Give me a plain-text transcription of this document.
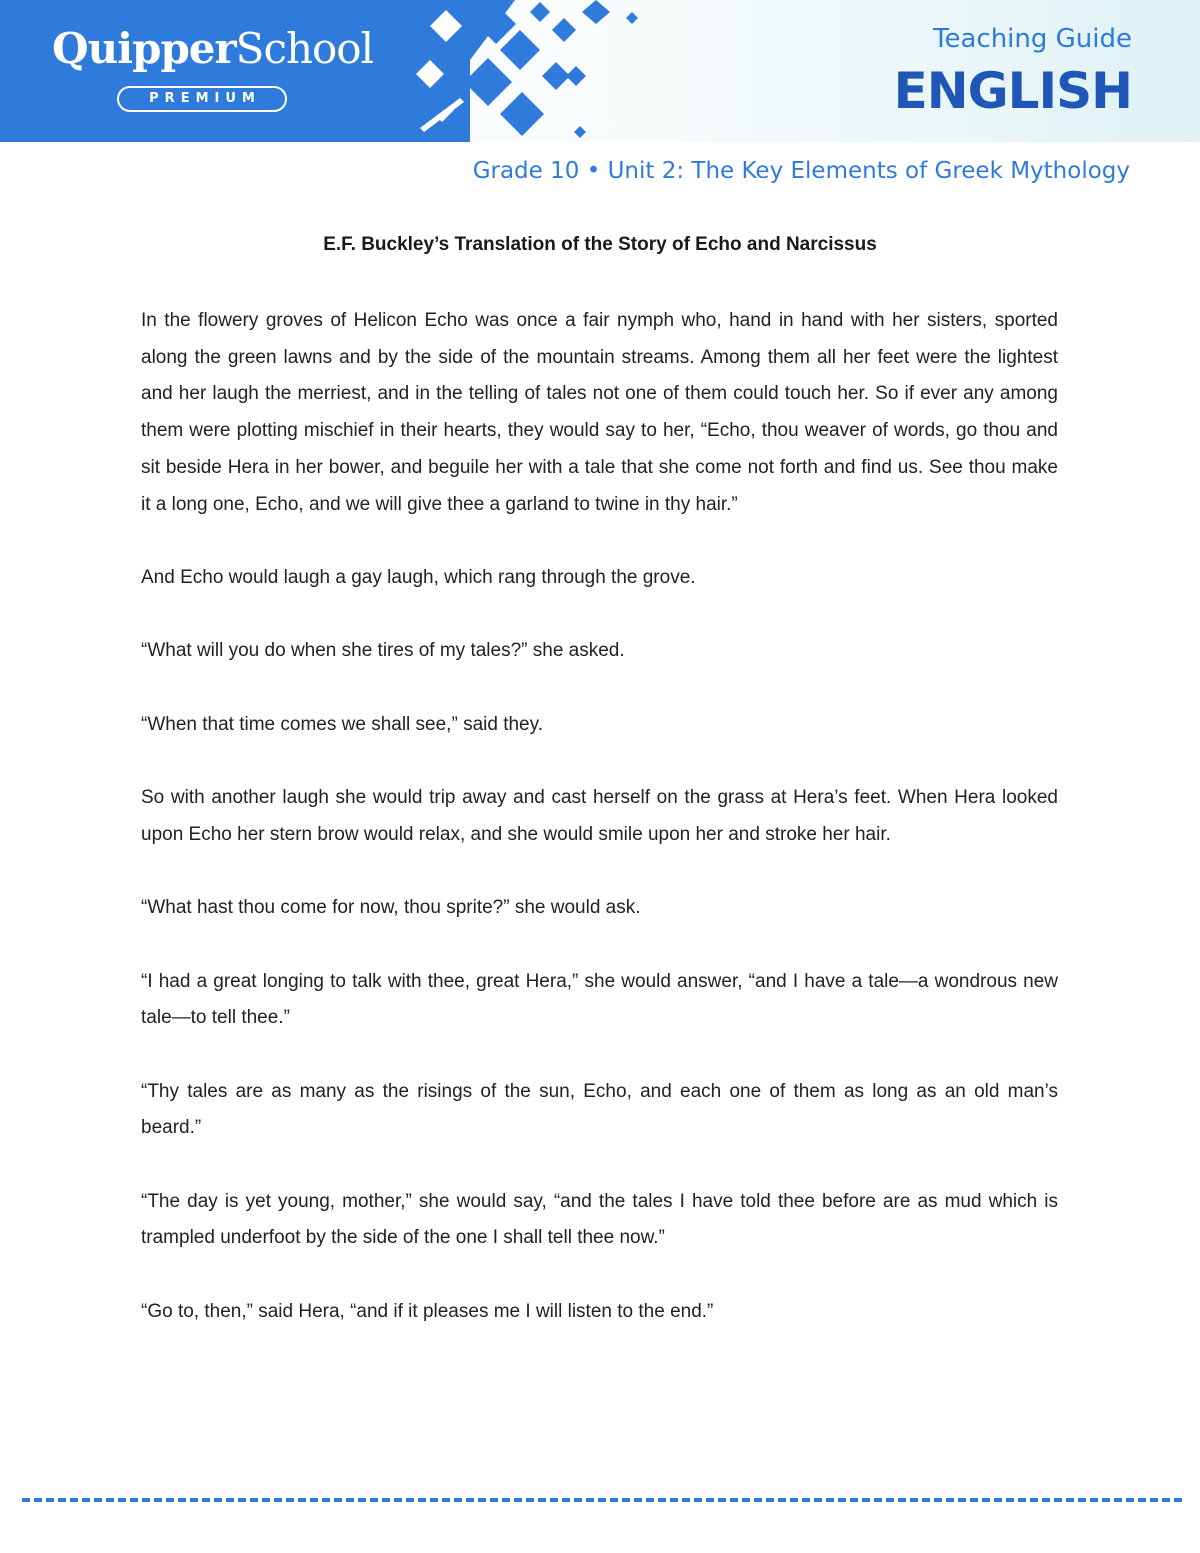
QuipperSchool
PREMIUM
Teaching Guide
ENGLISH
Grade 10 • Unit 2: The Key Elements of Greek Mythology
E.F. Buckley’s Translation of the Story of Echo and Narcissus

In the flowery groves of Helicon Echo was once a fair nymph who, hand in hand with her sisters, sported along the green lawns and by the side of the mountain streams. Among them all her feet were the lightest and her laugh the merriest, and in the telling of tales not one of them could touch her. So if ever any among them were plotting mischief in their hearts, they would say to her, “Echo, thou weaver of words, go thou and sit beside Hera in her bower, and beguile her with a tale that she come not forth and find us. See thou make it a long one, Echo, and we will give thee a garland to twine in thy hair.”

And Echo would laugh a gay laugh, which rang through the grove.

“What will you do when she tires of my tales?” she asked.

“When that time comes we shall see,” said they.

So with another laugh she would trip away and cast herself on the grass at Hera’s feet. When Hera looked upon Echo her stern brow would relax, and she would smile upon her and stroke her hair.

“What hast thou come for now, thou sprite?” she would ask.

“I had a great longing to talk with thee, great Hera,” she would answer, “and I have a tale—a wondrous new tale—to tell thee.”

“Thy tales are as many as the risings of the sun, Echo, and each one of them as long as an old man’s beard.”

“The day is yet young, mother,” she would say, “and the tales I have told thee before are as mud which is trampled underfoot by the side of the one I shall tell thee now.”

“Go to, then,” said Hera, “and if it pleases me I will listen to the end.”
